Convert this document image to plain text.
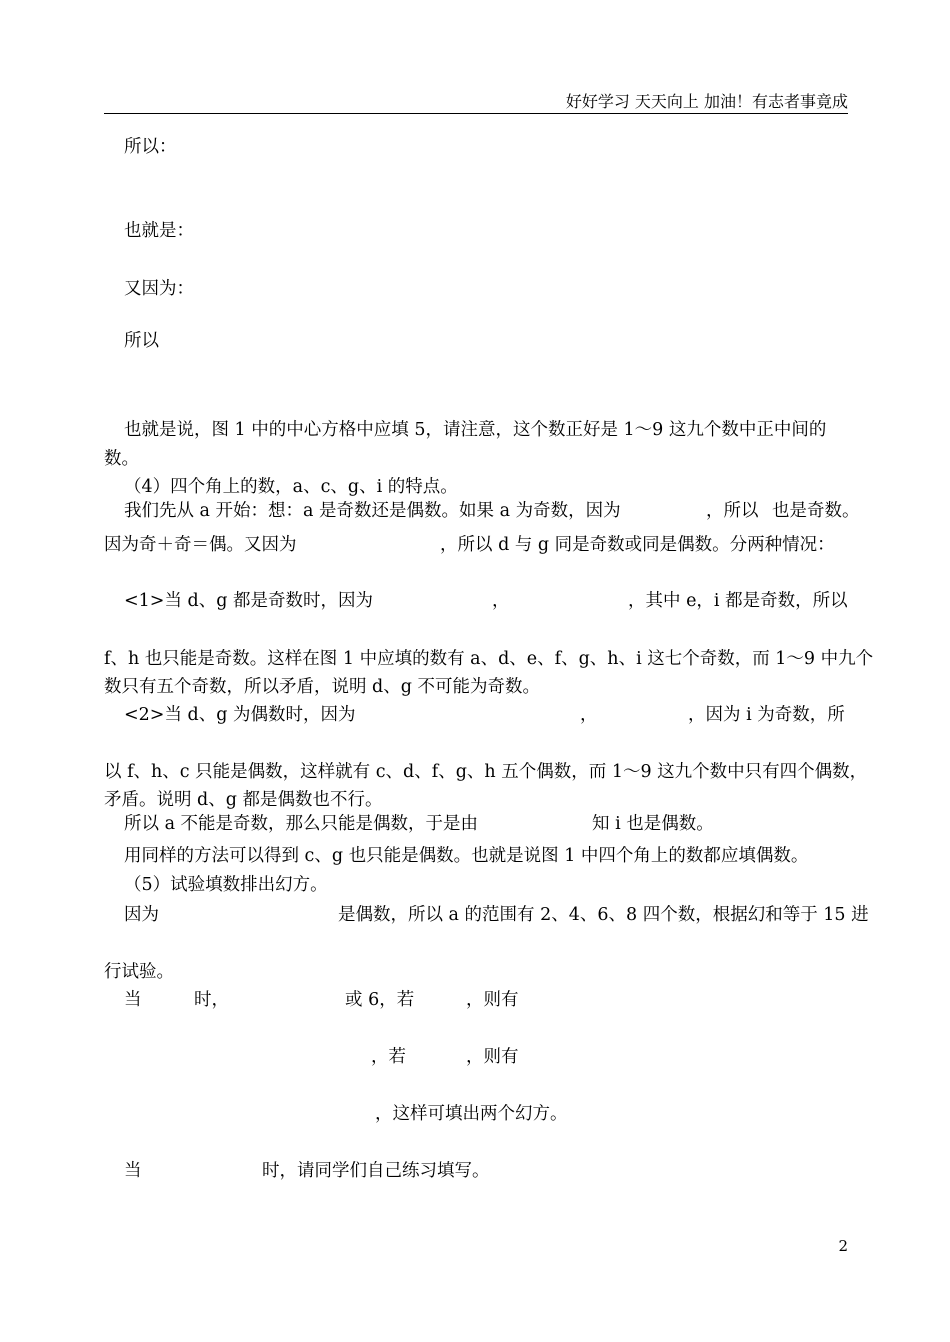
好好学习 天天向上 加油！有志者事竟成
所以：
也就是：
又因为：
所以
也就是说，图 1 中的中心方格中应填 5，请注意，这个数正好是 1～9 这九个数中正中间的
数。
（4）四个角上的数，a、c、g、i 的特点。
我们先从 a 开始：想：a 是奇数还是偶数。如果 a 为奇数，因为	，所以 也是奇数。
因为奇＋奇＝偶。又因为	，所以 d 与 g 同是奇数或同是偶数。分两种情况：
<1>当 d、g 都是奇数时，因为	，	，其中 e，i 都是奇数，所以
f、h 也只能是奇数。这样在图 1 中应填的数有 a、d、e、f、g、h、i 这七个奇数，而 1～9 中九个
数只有五个奇数，所以矛盾，说明 d、g 不可能为奇数。
<2>当 d、g 为偶数时，因为	，	，因为 i 为奇数，所
以 f、h、c 只能是偶数，这样就有 c、d、f、g、h 五个偶数，而 1～9 这九个数中只有四个偶数，
矛盾。说明 d、g 都是偶数也不行。
所以 a 不能是奇数，那么只能是偶数，于是由	知 i 也是偶数。
用同样的方法可以得到 c、g 也只能是偶数。也就是说图 1 中四个角上的数都应填偶数。
（5）试验填数排出幻方。
因为	是偶数，所以 a 的范围有 2、4、6、8 四个数，根据幻和等于 15 进
行试验。
当	时，	或 6，若	，则有
，若	，则有
，这样可填出两个幻方。
当	时，请同学们自己练习填写。
2
